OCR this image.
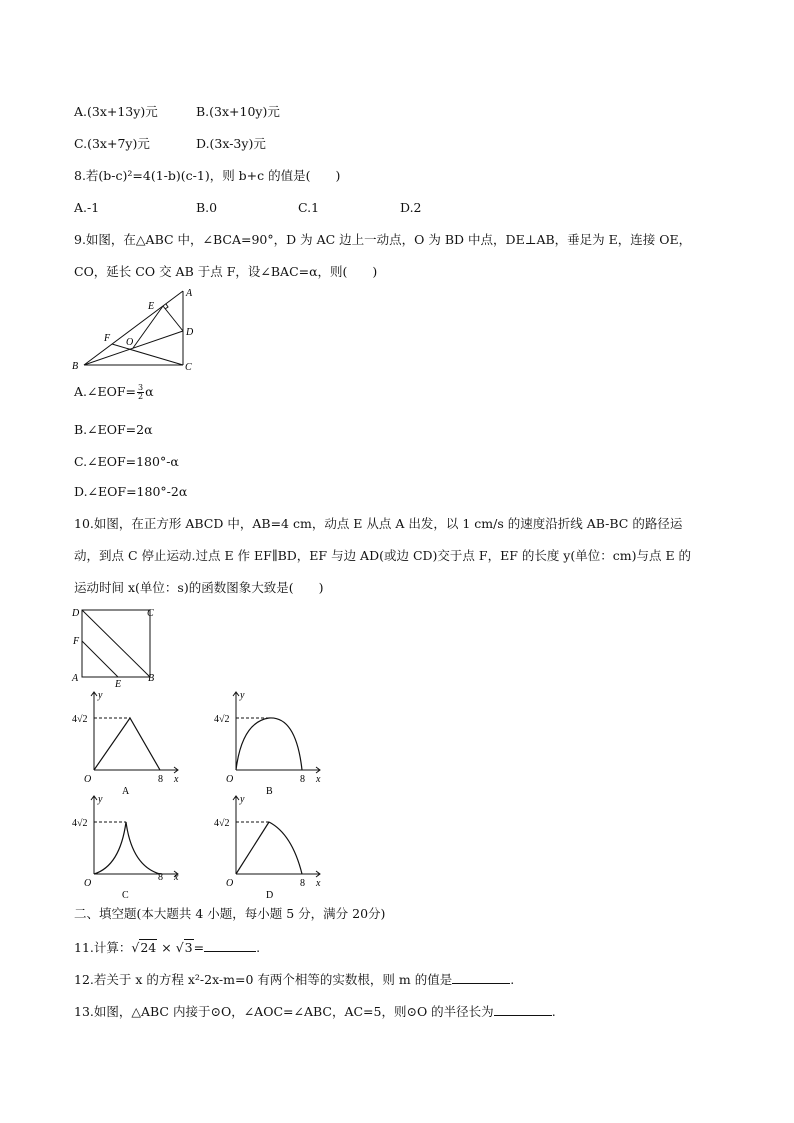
A.(3x+13y)元	B.(3x+10y)元
C.(3x+7y)元	D.(3x-3y)元
8.若(b-c)²=4(1-b)(c-1)，则 b+c 的值是(　　)
A.-1	B.0	C.1	D.2
9.如图，在△ABC 中，∠BCA=90°，D 为 AC 边上一动点，O 为 BD 中点，DE⊥AB，垂足为 E，连接 OE，
CO，延长 CO 交 AB 于点 F，设∠BAC=α，则(　　)
A
B	C
D
E
F O
A.∠EOF= $\frac{3}{2}$ α
B.∠EOF=2α
C.∠EOF=180°-α
D.∠EOF=180°-2α
10.如图，在正方形 ABCD 中，AB=4 cm，动点 E 从点 A 出发，以 1 cm/s 的速度沿折线 AB-BC 的路径运
动，到点 C 停止运动.过点 E 作 EF∥BD，EF 与边 AD(或边 CD)交于点 F，EF 的长度 y(单位：cm)与点 E 的
运动时间 x(单位：s)的函数图象大致是(　　)
D	C
F
A
E
B
4√2
8 x
y
O
A
4√2
8 x
y
O
B
4√2
8 x
y
O
C
4√2
8 x
y
O
D
二、填空题(本大题共 4 小题，每小题 5 分，满分 20分)
11.计算：√24 × √3=	.
12.若关于 x 的方程 x²-2x-m=0 有两个相等的实数根，则 m 的值是	.
13.如图，△ABC 内接于⊙O，∠AOC=∠ABC，AC=5，则⊙O 的半径长为	.
